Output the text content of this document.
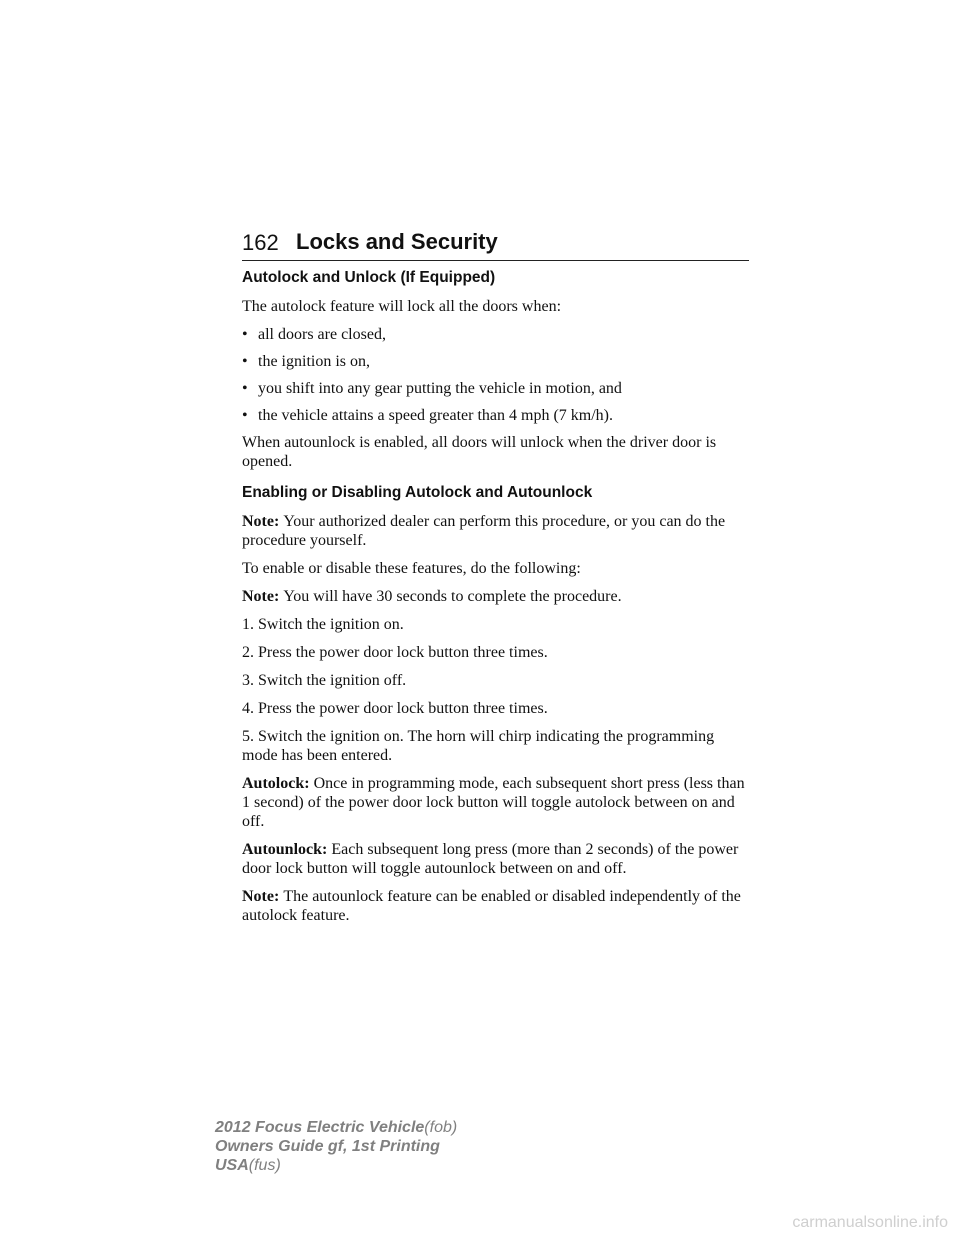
162 Locks and Security
Autolock and Unlock (If Equipped)

The autolock feature will lock all the doors when:

• all doors are closed,
• the ignition is on,
• you shift into any gear putting the vehicle in motion, and
• the vehicle attains a speed greater than 4 mph (7 km/h).

When autounlock is enabled, all doors will unlock when the driver door is opened.

Enabling or Disabling Autolock and Autounlock

Note: Your authorized dealer can perform this procedure, or you can do the procedure yourself.

To enable or disable these features, do the following:

Note: You will have 30 seconds to complete the procedure.

1. Switch the ignition on.

2. Press the power door lock button three times.

3. Switch the ignition off.

4. Press the power door lock button three times.

5. Switch the ignition on. The horn will chirp indicating the programming mode has been entered.

Autolock: Once in programming mode, each subsequent short press (less than 1 second) of the power door lock button will toggle autolock between on and off.

Autounlock: Each subsequent long press (more than 2 seconds) of the power door lock button will toggle autounlock between on and off.

Note: The autounlock feature can be enabled or disabled independently of the autolock feature.

2012 Focus Electric Vehicle(fob)
Owners Guide gf, 1st Printing
USA(fus)
carmanualsonline.info
